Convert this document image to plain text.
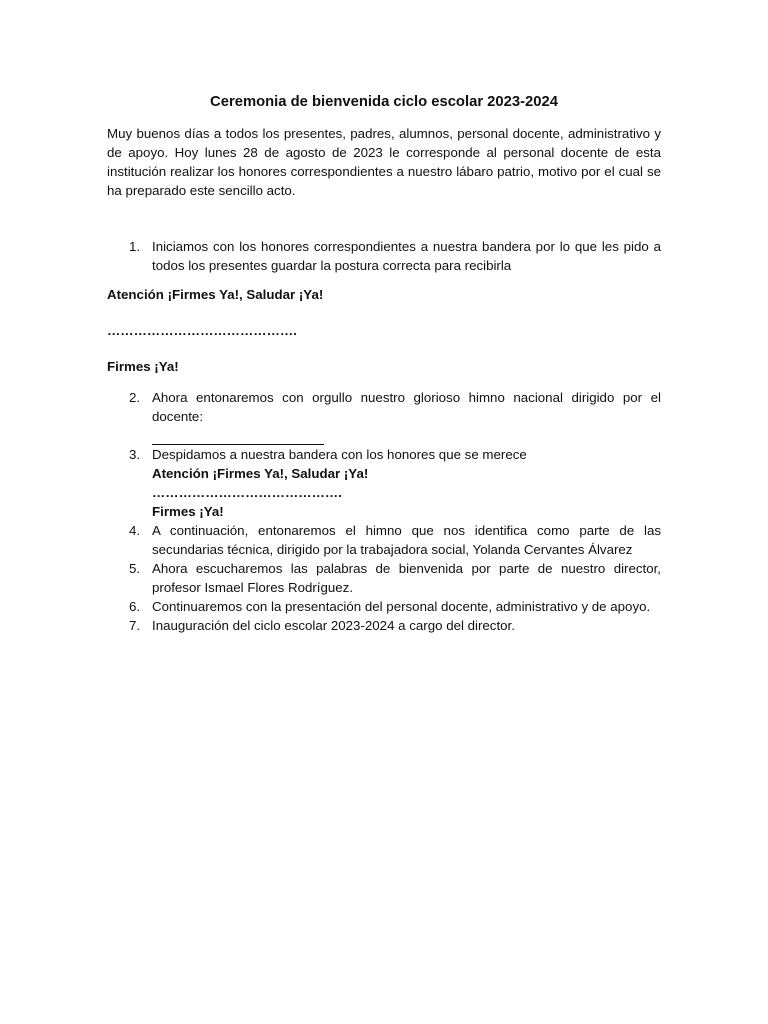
Ceremonia de bienvenida ciclo escolar 2023-2024

Muy buenos días a todos los presentes, padres, alumnos, personal docente, administrativo y de apoyo. Hoy lunes 28 de agosto de 2023 le corresponde al personal docente de esta institución realizar los honores correspondientes a nuestro lábaro patrio, motivo por el cual se ha preparado este sencillo acto.

1. Iniciamos con los honores correspondientes a nuestra bandera por lo que les pido a todos los presentes guardar la postura correcta para recibirla
Atención ¡Firmes Ya!, Saludar ¡Ya!
…………………………………….
Firmes ¡Ya!
2. Ahora entonaremos con orgullo nuestro glorioso himno nacional dirigido por el docente:
3. Despidamos a nuestra bandera con los honores que se merece
Atención ¡Firmes Ya!, Saludar ¡Ya!
…………………………………….
Firmes ¡Ya!
4. A continuación, entonaremos el himno que nos identifica como parte de las secundarias técnica, dirigido por la trabajadora social, Yolanda Cervantes Álvarez
5. Ahora escucharemos las palabras de bienvenida por parte de nuestro director, profesor Ismael Flores Rodríguez.
6. Continuaremos con la presentación del personal docente, administrativo y de apoyo.
7. Inauguración del ciclo escolar 2023-2024 a cargo del director.
